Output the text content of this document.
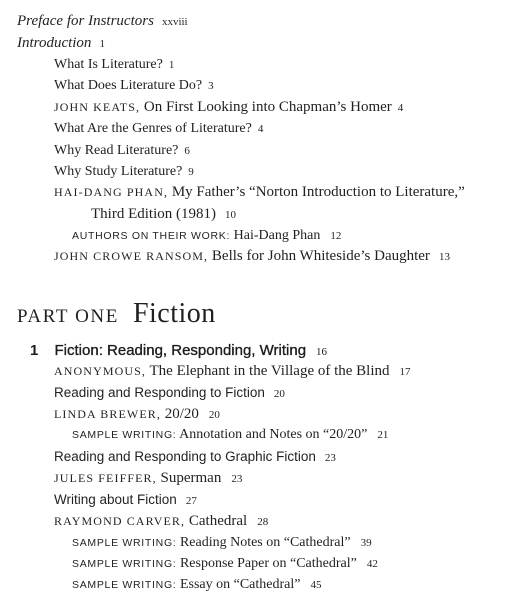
Preface for Instructors xxviii
Introduction 1
What Is Literature? 1
What Does Literature Do? 3
JOHN KEATS, On First Looking into Chapman’s Homer 4
What Are the Genres of Literature? 4
Why Read Literature? 6
Why Study Literature? 9
HAI-DANG PHAN, My Father’s “Norton Introduction to Literature,”
Third Edition (1981) 10
AUTHORS ON THEIR WORK: Hai-Dang Phan 12
JOHN CROWE RANSOM, Bells for John Whiteside’s Daughter 13
PART ONE Fiction
1 Fiction: Reading, Responding, Writing 16
ANONYMOUS, The Elephant in the Village of the Blind 17
Reading and Responding to Fiction 20
LINDA BREWER, 20/20 20
SAMPLE WRITING: Annotation and Notes on “20/20” 21
Reading and Responding to Graphic Fiction 23
JULES FEIFFER, Superman 23
Writing about Fiction 27
RAYMOND CARVER, Cathedral 28
SAMPLE WRITING: Reading Notes on “Cathedral” 39
SAMPLE WRITING: Response Paper on “Cathedral” 42
SAMPLE WRITING: Essay on “Cathedral” 45
